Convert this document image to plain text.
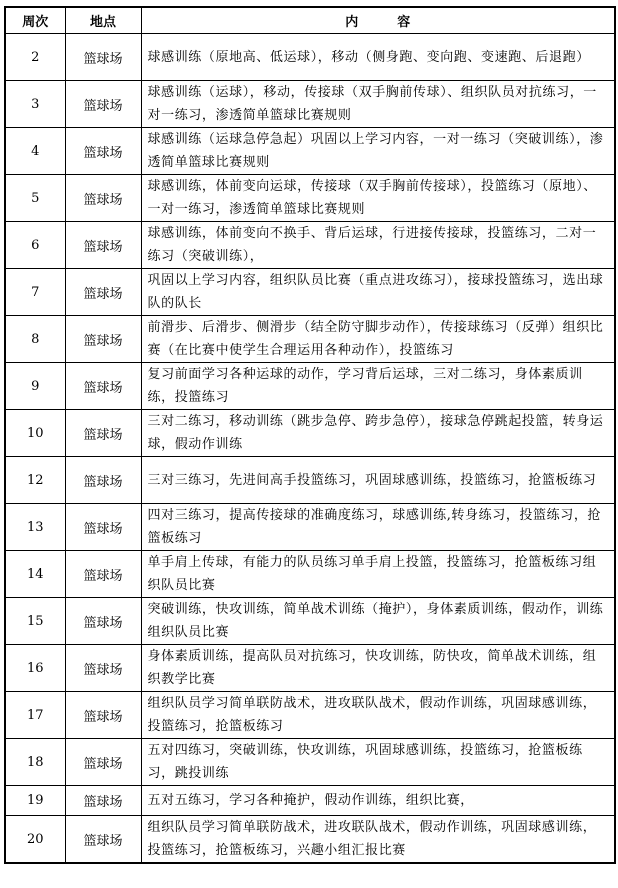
周次	地点	内　　　容
2	篮球场	球感训练（原地高、低运球），移动（侧身跑、变向跑、变速跑、后退跑）
3	篮球场	球感训练（运球），移动，传接球（双手胸前传球）、组织队员对抗练习，一对一练习，渗透简单篮球比赛规则
4	篮球场	球感训练（运球急停急起）巩固以上学习内容，一对一练习（突破训练），渗透简单篮球比赛规则
5	篮球场	球感训练，体前变向运球，传接球（双手胸前传接球），投篮练习（原地）、一对一练习，渗透简单篮球比赛规则
6	篮球场	球感训练，体前变向不换手、背后运球，行进接传接球，投篮练习，二对一练习（突破训练），
7	篮球场	巩固以上学习内容，组织队员比赛（重点进攻练习），接球投篮练习，选出球队的队长
8	篮球场	前滑步、后滑步、侧滑步（结全防守脚步动作），传接球练习（反弹）组织比赛（在比赛中使学生合理运用各种动作），投篮练习
9	篮球场	复习前面学习各种运球的动作，学习背后运球，三对二练习，身体素质训练，投篮练习
10	篮球场	三对二练习，移动训练（跳步急停、跨步急停），接球急停跳起投篮，转身运球，假动作训练
12	篮球场	三对三练习，先进间高手投篮练习，巩固球感训练，投篮练习，抢篮板练习
13	篮球场	四对三练习，提高传接球的准确度练习，球感训练,转身练习，投篮练习，抢篮板练习
14	篮球场	单手肩上传球，有能力的队员练习单手肩上投篮，投篮练习，抢篮板练习组织队员比赛
15	篮球场	突破训练，快攻训练，简单战术训练（掩护），身体素质训练，假动作，训练组织队员比赛
16	篮球场	身体素质训练，提高队员对抗练习，快攻训练，防快攻，简单战术训练，组织教学比赛
17	篮球场	组织队员学习简单联防战术，进攻联队战术，假动作训练，巩固球感训练，投篮练习，抢篮板练习
18	篮球场	五对四练习，突破训练，快攻训练，巩固球感训练，投篮练习，抢篮板练习，跳投训练
19	篮球场	五对五练习，学习各种掩护，假动作训练，组织比赛，
20	篮球场	组织队员学习简单联防战术，进攻联队战术，假动作训练，巩固球感训练，投篮练习，抢篮板练习，兴趣小组汇报比赛
